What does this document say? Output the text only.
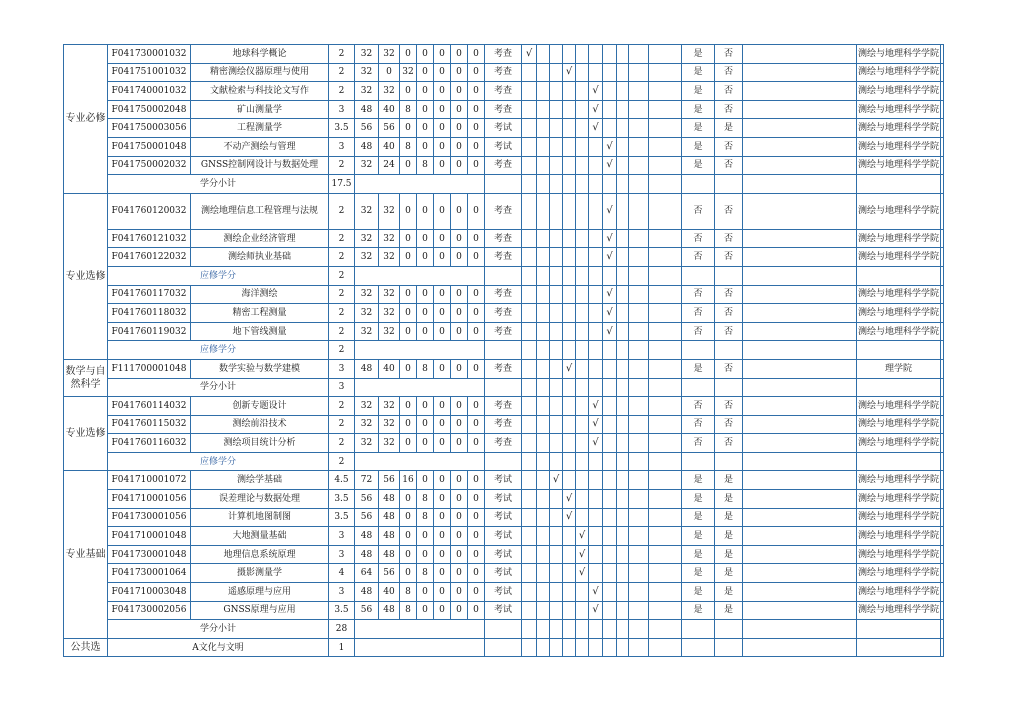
专业必修	F041730001032	地球科学概论	2	32	32	0	0	0	0	0	考查	√										是	否		测绘与地理科学学院	
	F041751001032	精密测绘仪器原理与使用	2	32	0	32	0	0	0	0	考查				√							是	否		测绘与地理科学学院	
	F041740001032	文献检索与科技论文写作	2	32	32	0	0	0	0	0	考查						√					是	否		测绘与地理科学学院	
	F041750002048	矿山测量学	3	48	40	8	0	0	0	0	考查						√					是	否		测绘与地理科学学院	
	F041750003056	工程测量学	3.5	56	56	0	0	0	0	0	考试						√					是	是		测绘与地理科学学院	
	F041750001048	不动产测绘与管理	3	48	40	8	0	0	0	0	考试							√				是	否		测绘与地理科学学院	
	F041750002032	GNSS控制网设计与数据处理	2	32	24	0	8	0	0	0	考查							√				是	否		测绘与地理科学学院	
	学分小计		17.5																							
专业选修	F041760120032	测绘地理信息工程管理与法规	2	32	32	0	0	0	0	0	考查							√				否	否		测绘与地理科学学院	
	F041760121032	测绘企业经济管理	2	32	32	0	0	0	0	0	考查							√				否	否		测绘与地理科学学院	
	F041760122032	测绘师执业基础	2	32	32	0	0	0	0	0	考查							√				否	否		测绘与地理科学学院	
	应修学分		2																							
	F041760117032	海洋测绘	2	32	32	0	0	0	0	0	考查							√				否	否		测绘与地理科学学院	
	F041760118032	精密工程测量	2	32	32	0	0	0	0	0	考查							√				否	否		测绘与地理科学学院	
	F041760119032	地下管线测量	2	32	32	0	0	0	0	0	考查							√				否	否		测绘与地理科学学院	
	应修学分		2																							
数学与自然科学	F111700001048	数学实验与数学建模	3	48	40	0	8	0	0	0	考查				√							是	否		理学院	
	学分小计		3																							
专业选修	F041760114032	创新专题设计	2	32	32	0	0	0	0	0	考查						√					否	否		测绘与地理科学学院	
	F041760115032	测绘前沿技术	2	32	32	0	0	0	0	0	考查						√					否	否		测绘与地理科学学院	
	F041760116032	测绘项目统计分析	2	32	32	0	0	0	0	0	考查						√					否	否		测绘与地理科学学院	
	应修学分		2																							
专业基础	F041710001072	测绘学基础	4.5	72	56	16	0	0	0	0	考试			√								是	是		测绘与地理科学学院	
	F041710001056	误差理论与数据处理	3.5	56	48	0	8	0	0	0	考试				√							是	是		测绘与地理科学学院	
	F041730001056	计算机地图制图	3.5	56	48	0	8	0	0	0	考试				√							是	是		测绘与地理科学学院	
	F041710001048	大地测量基础	3	48	48	0	0	0	0	0	考试					√						是	是		测绘与地理科学学院	
	F041730001048	地理信息系统原理	3	48	48	0	0	0	0	0	考试					√						是	是		测绘与地理科学学院	
	F041730001064	摄影测量学	4	64	56	0	8	0	0	0	考试					√						是	是		测绘与地理科学学院	
	F041710003048	遥感原理与应用	3	48	40	8	0	0	0	0	考试						√					是	是		测绘与地理科学学院	
	F041730002056	GNSS原理与应用	3.5	56	48	8	0	0	0	0	考试						√					是	是		测绘与地理科学学院	
	学分小计		28																							
公共选	A文化与文明		1																							
